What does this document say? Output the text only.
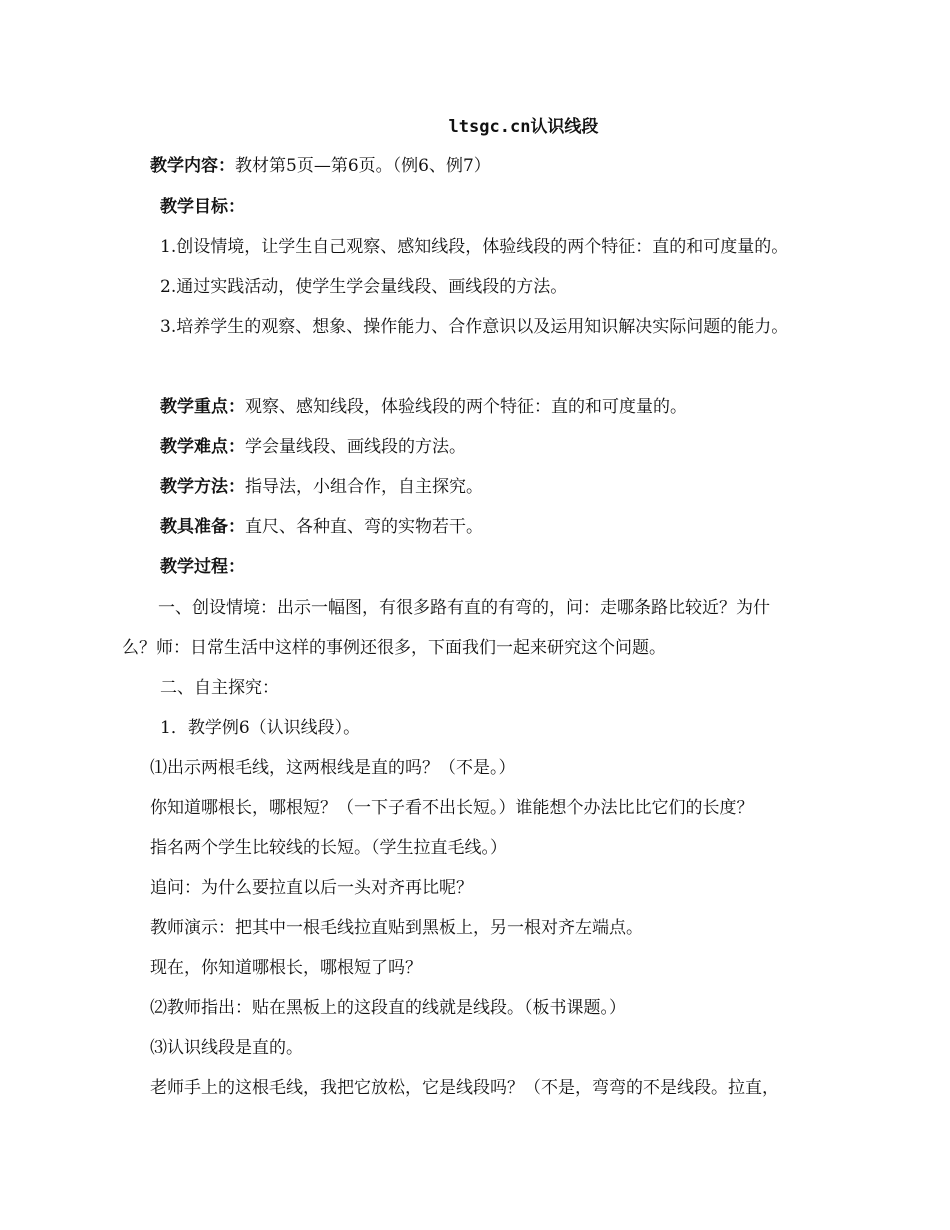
ltsgc.cn认识线段
教学内容：教材第5页—第6页。（例6、例7）
教学目标：
1.创设情境，让学生自己观察、感知线段，体验线段的两个特征：直的和可度量的。
2.通过实践活动，使学生学会量线段、画线段的方法。
3.培养学生的观察、想象、操作能力、合作意识以及运用知识解决实际问题的能力。
教学重点：观察、感知线段，体验线段的两个特征：直的和可度量的。
教学难点：学会量线段、画线段的方法。
教学方法：指导法，小组合作，自主探究。
教具准备：直尺、各种直、弯的实物若干。
教学过程：
一、创设情境：出示一幅图，有很多路有直的有弯的，问：走哪条路比较近？为什
么？师：日常生活中这样的事例还很多，下面我们一起来研究这个问题。
二、自主探究：
1．教学例6（认识线段）。
⑴出示两根毛线，这两根线是直的吗？（不是。）
你知道哪根长，哪根短？（一下子看不出长短。）谁能想个办法比比它们的长度？
指名两个学生比较线的长短。（学生拉直毛线。）
追问：为什么要拉直以后一头对齐再比呢？
教师演示：把其中一根毛线拉直贴到黑板上，另一根对齐左端点。
现在，你知道哪根长，哪根短了吗？
⑵教师指出：贴在黑板上的这段直的线就是线段。（板书课题。）
⑶认识线段是直的。
老师手上的这根毛线，我把它放松，它是线段吗？（不是，弯弯的不是线段。拉直，
